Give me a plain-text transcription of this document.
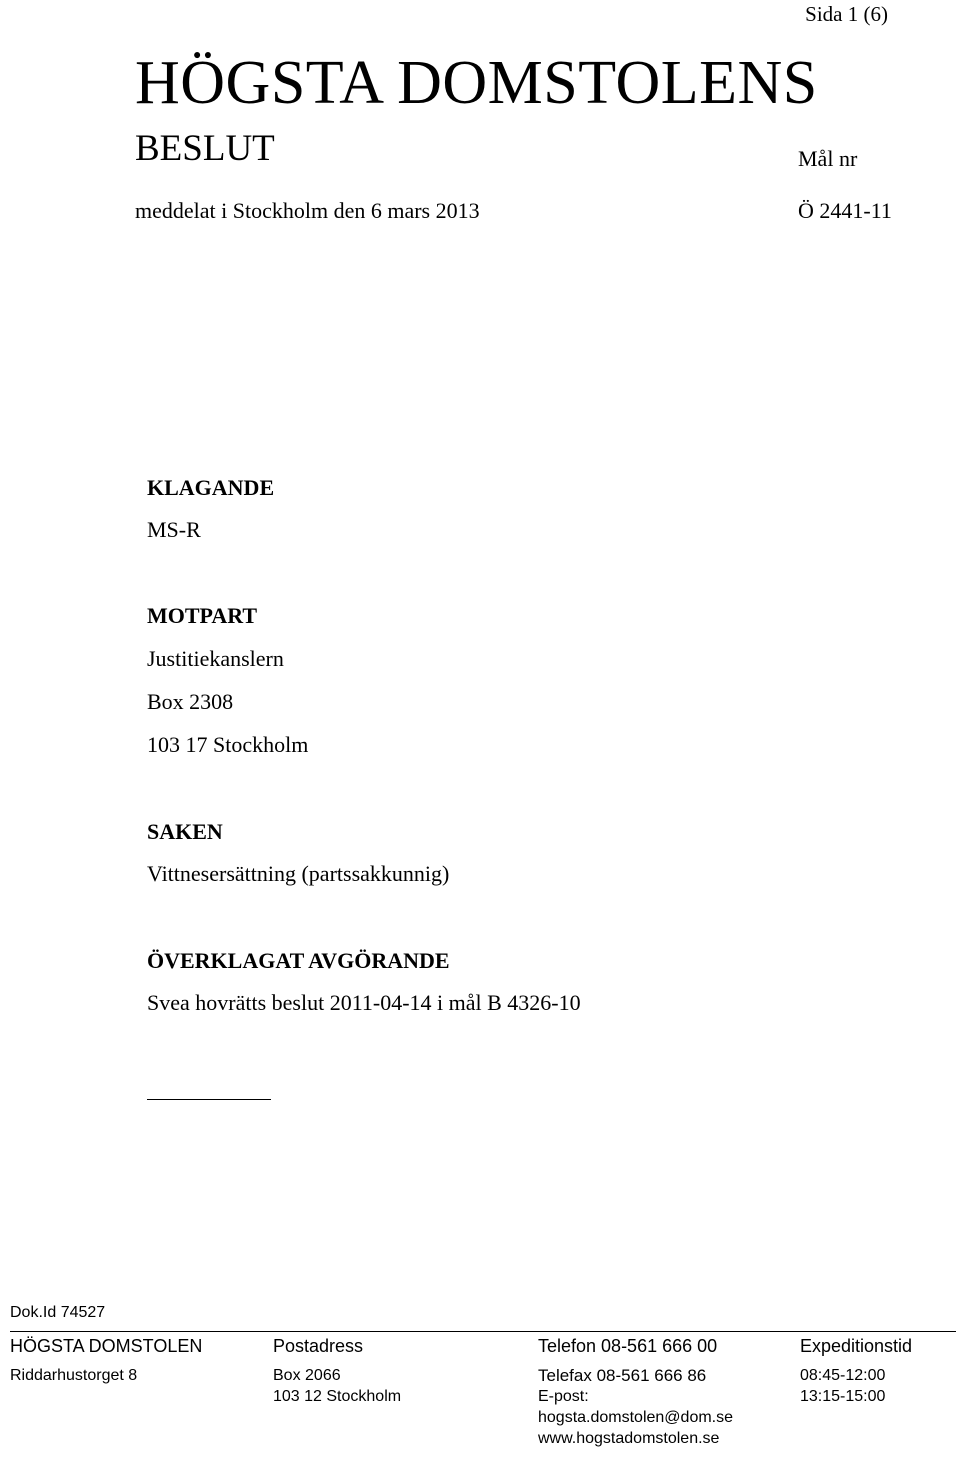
Sida 1 (6)
HÖGSTA DOMSTOLENS
BESLUT	Mål nr
meddelat i Stockholm den 6 mars 2013	Ö 2441-11
KLAGANDE
MS-R
MOTPART
Justitiekanslern
Box 2308
103 17 Stockholm
SAKEN
Vittnesersättning (partssakkunnig)
ÖVERKLAGAT AVGÖRANDE
Svea hovrätts beslut 2011-04-14 i mål B 4326-10
Dok.Id 74527
HÖGSTA DOMSTOLEN
Riddarhustorget 8
Postadress
Box 2066
103 12 Stockholm
Telefon 08-561 666 00
Telefax 08-561 666 86
E-post:
hogsta.domstolen@dom.se
www.hogstadomstolen.se
Expeditionstid
08:45-12:00
13:15-15:00
